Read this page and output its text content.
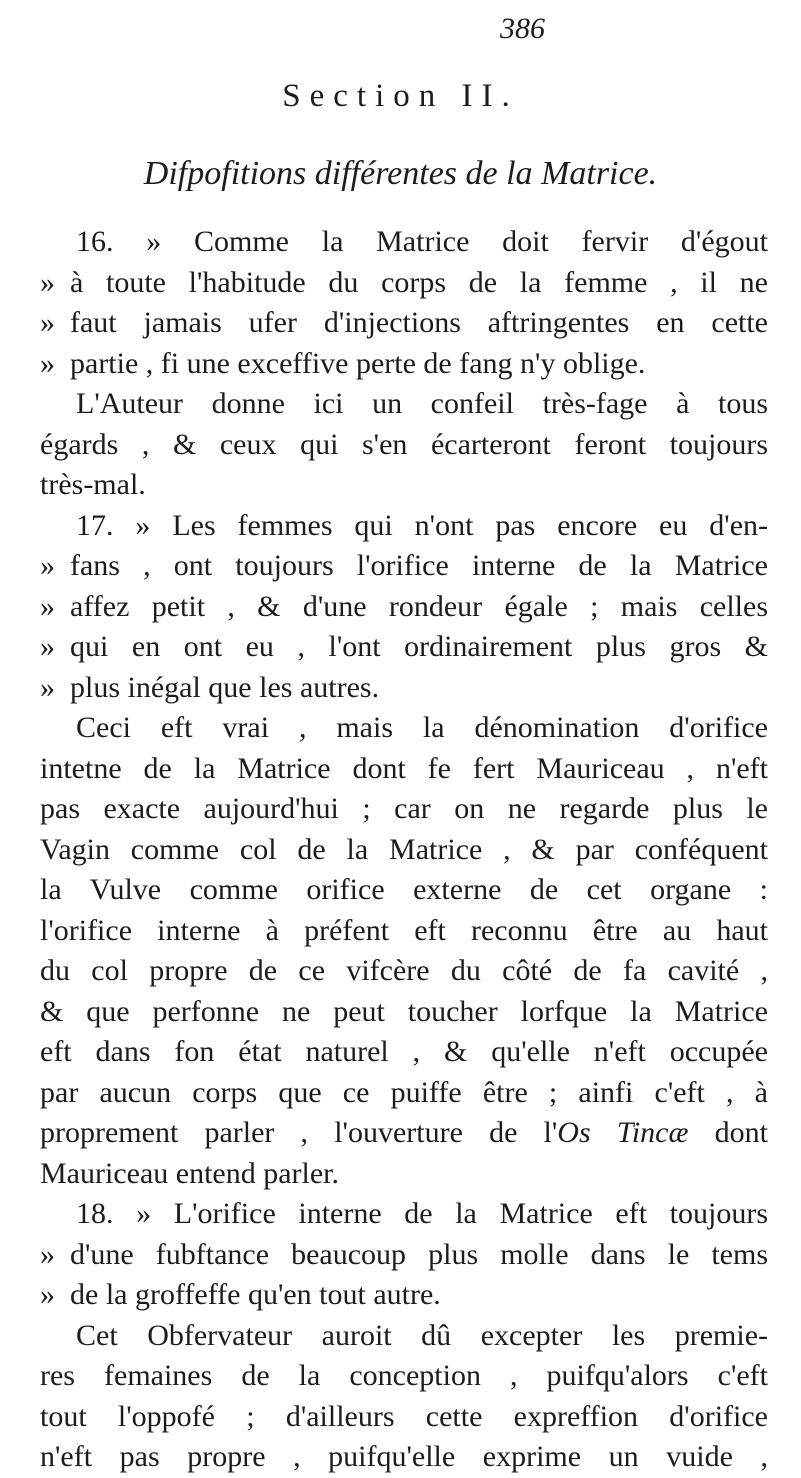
386
Section II.
Difpofitions différentes de la Matrice.
16. » Comme la Matrice doit fervir d'égout
» à toute l'habitude du corps de la femme , il ne
» faut jamais ufer d'injections aftringentes en cette
» partie , fi une exceffive perte de fang n'y oblige.
L'Auteur donne ici un confeil très-fage à tous
égards , & ceux qui s'en écarteront feront toujours
très-mal.
17. » Les femmes qui n'ont pas encore eu d'en-
» fans , ont toujours l'orifice interne de la Matrice
» affez petit , & d'une rondeur égale ; mais celles
» qui en ont eu , l'ont ordinairement plus gros &
» plus inégal que les autres.
Ceci eft vrai , mais la dénomination d'orifice
intetne de la Matrice dont fe fert Mauriceau , n'eft
pas exacte aujourd'hui ; car on ne regarde plus le
Vagin comme col de la Matrice , & par conféquent
la Vulve comme orifice externe de cet organe :
l'orifice interne à préfent eft reconnu être au haut
du col propre de ce vifcère du côté de fa cavité ,
& que perfonne ne peut toucher lorfque la Matrice
eft dans fon état naturel , & qu'elle n'eft occupée
par aucun corps que ce puiffe être ; ainfi c'eft , à
proprement parler , l'ouverture de l'Os Tincæ dont
Mauriceau entend parler.
18. » L'orifice interne de la Matrice eft toujours
» d'une fubftance beaucoup plus molle dans le tems
» de la groffeffe qu'en tout autre.
Cet Obfervateur auroit dû excepter les premie-
res femaines de la conception , puifqu'alors c'eft
tout l'oppofé ; d'ailleurs cette expreffion d'orifice
n'eft pas propre , puifqu'elle exprime un vuide ,
